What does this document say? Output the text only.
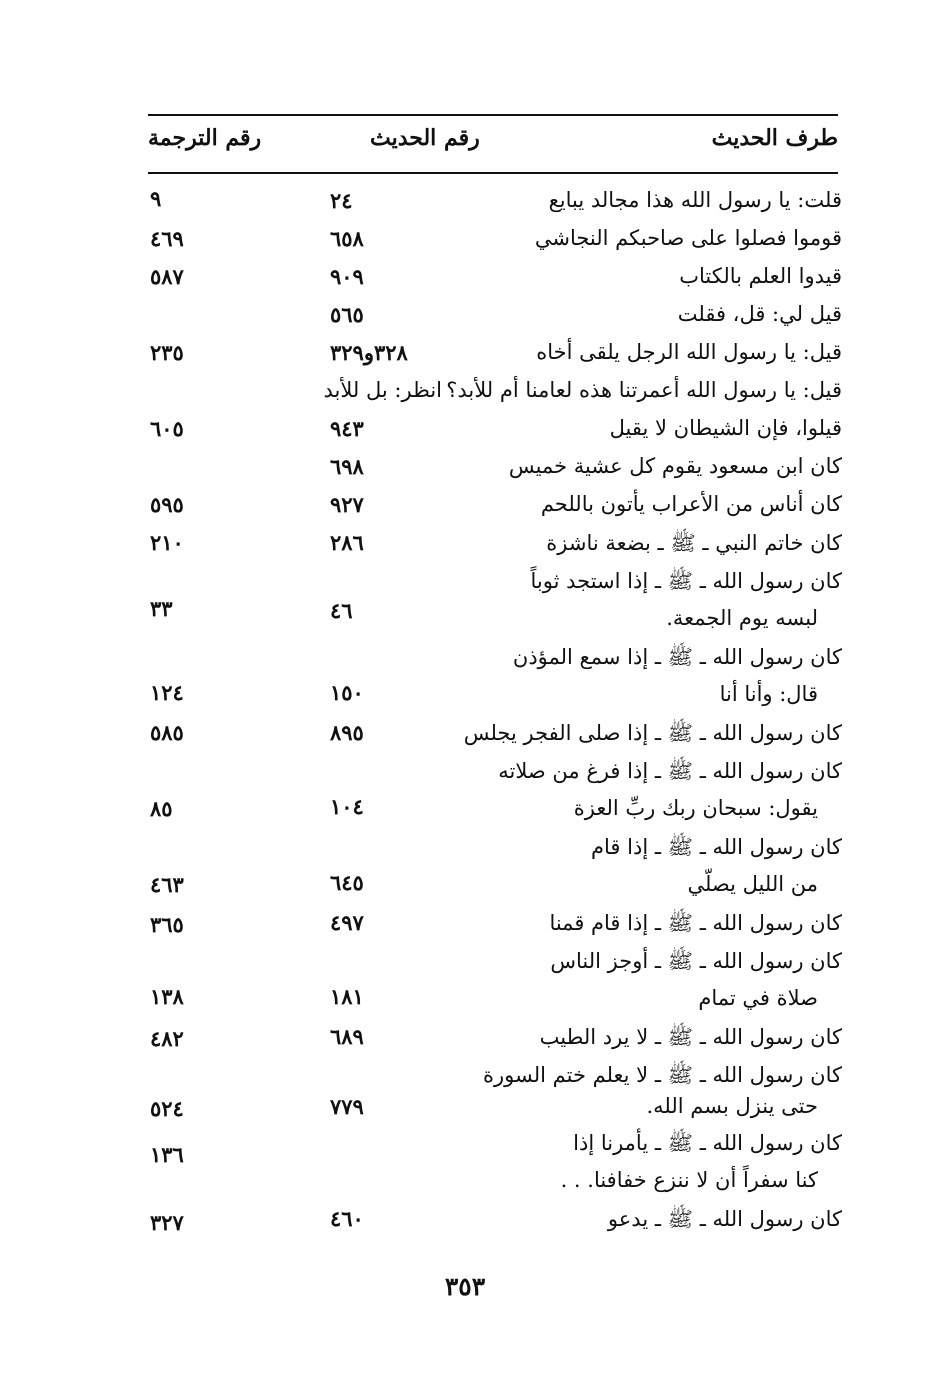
طرف الحديث
رقم الحديث
رقم الترجمة
قلت: يا رسول الله هذا مجالد يبايع
قوموا فصلوا على صاحبكم النجاشي
قيدوا العلم بالكتاب
قيل لي: قل، فقلت
قيل: يا رسول الله الرجل يلقى أخاه
قيل: يا رسول الله أعمرتنا هذه لعامنا أم للأبد؟
قيلوا، فإن الشيطان لا يقيل
كان ابن مسعود يقوم كل عشية خميس
كان أناس من الأعراب يأتون باللحم
كان خاتم النبي ـ ﷺ ـ بضعة ناشزة
كان رسول الله ـ ﷺ ـ إذا استجد ثوباً
لبسه يوم الجمعة.
كان رسول الله ـ ﷺ ـ إذا سمع المؤذن
قال: وأنا أنا
كان رسول الله ـ ﷺ ـ إذا صلى الفجر يجلس
كان رسول الله ـ ﷺ ـ إذا فرغ من صلاته
يقول: سبحان ربك ربِّ العزة
كان رسول الله ـ ﷺ ـ إذا قام
من الليل يصلّي
كان رسول الله ـ ﷺ ـ إذا قام قمنا
كان رسول الله ـ ﷺ ـ أوجز الناس
صلاة في تمام
كان رسول الله ـ ﷺ ـ لا يرد الطيب
كان رسول الله ـ ﷺ ـ لا يعلم ختم السورة
حتى ينزل بسم الله.
كان رسول الله ـ ﷺ ـ يأمرنا إذا
كنا سفراً أن لا ننزع خفافنا. . .
كان رسول الله ـ ﷺ ـ يدعو
٢٤
٦٥٨
٩٠٩
٥٦٥
٣٢٨و٣٢٩
انظر: بل للأبد
٩٤٣
٦٩٨
٩٢٧
٢٨٦
٤٦
١٥٠
٨٩٥
١٠٤
٦٤٥
٤٩٧
١٨١
٦٨٩
٧٧٩
٤٦٠
٩
٤٦٩
٥٨٧
٢٣٥
٦٠٥
٥٩٥
٢١٠
٣٣
١٢٤
٥٨٥
٨٥
٤٦٣
٣٦٥
١٣٨
٤٨٢
٥٢٤
١٣٦
٣٢٧
٣٥٣
